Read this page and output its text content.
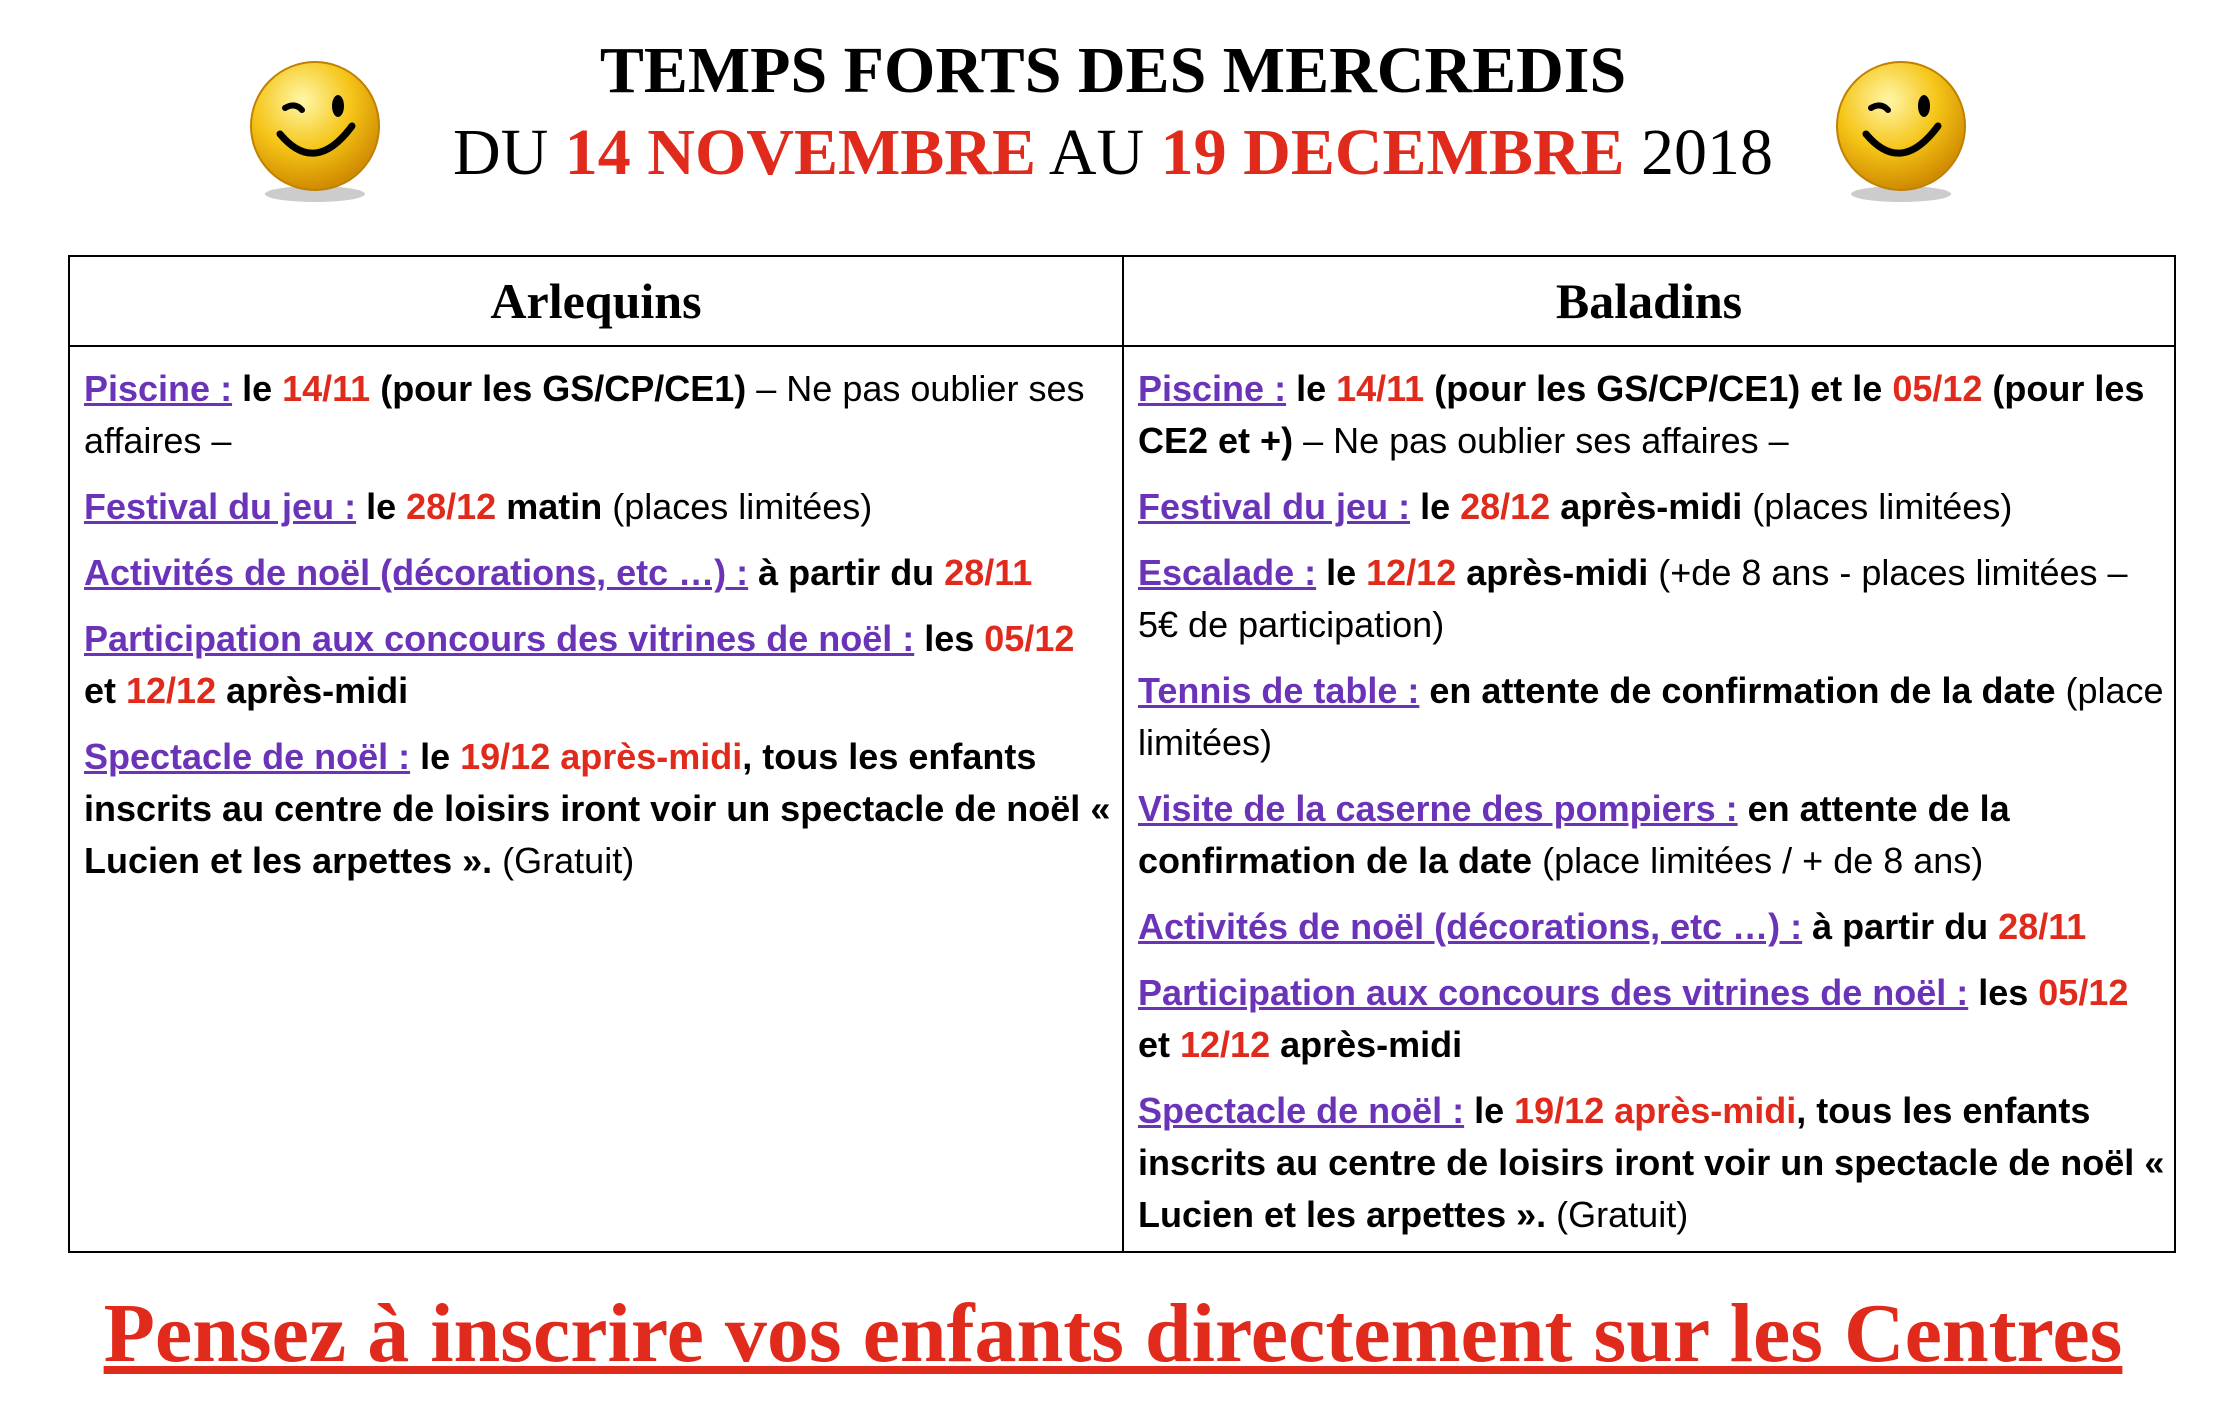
TEMPS FORTS DES MERCREDIS
DU 14 NOVEMBRE AU 19 DECEMBRE 2018
Arlequins	Baladins
Piscine : le 14/11 (pour les GS/CP/CE1) – Ne pas oublier ses affaires –
Festival du jeu : le 28/12 matin (places limitées)
Activités de noël (décorations, etc …) : à partir du 28/11
Participation aux concours des vitrines de noël : les 05/12 et 12/12 après-midi
Spectacle de noël : le 19/12 après-midi, tous les enfants inscrits au centre de loisirs iront voir un spectacle de noël « Lucien et les arpettes ». (Gratuit)
Piscine : le 14/11 (pour les GS/CP/CE1) et le 05/12 (pour les CE2 et +) – Ne pas oublier ses affaires –
Festival du jeu : le 28/12 après-midi (places limitées)
Escalade : le 12/12 après-midi (+de 8 ans - places limitées – 5€ de participation)
Tennis de table : en attente de confirmation de la date (place limitées)
Visite de la caserne des pompiers : en attente de la confirmation de la date (place limitées / + de 8 ans)
Activités de noël (décorations, etc …) : à partir du 28/11
Participation aux concours des vitrines de noël : les 05/12 et 12/12 après-midi
Spectacle de noël : le 19/12 après-midi, tous les enfants inscrits au centre de loisirs iront voir un spectacle de noël « Lucien et les arpettes ». (Gratuit)
Pensez à inscrire vos enfants directement sur les Centres
